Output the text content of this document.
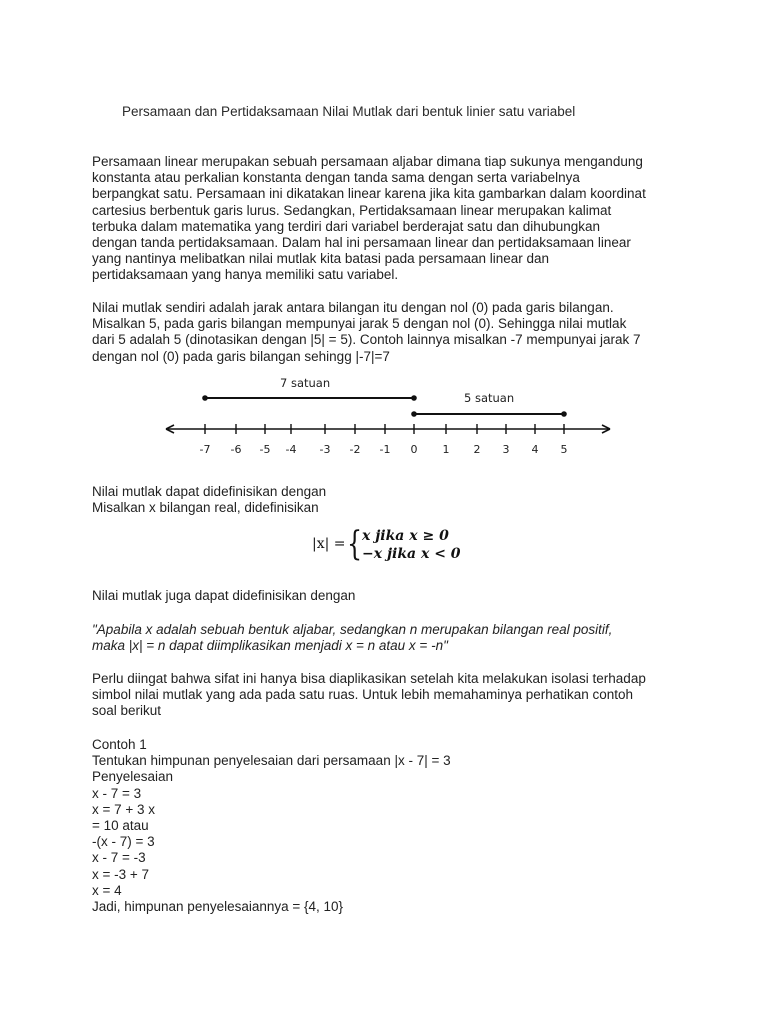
Persamaan dan Pertidaksamaan Nilai Mutlak dari bentuk linier satu variabel

Persamaan linear merupakan sebuah persamaan aljabar dimana tiap sukunya mengandung
konstanta atau perkalian konstanta dengan tanda sama dengan serta variabelnya
berpangkat satu. Persamaan ini dikatakan linear karena jika kita gambarkan dalam koordinat
cartesius berbentuk garis lurus. Sedangkan, Pertidaksamaan linear merupakan kalimat
terbuka dalam matematika yang terdiri dari variabel berderajat satu dan dihubungkan
dengan tanda pertidaksamaan. Dalam hal ini persamaan linear dan pertidaksamaan linear
yang nantinya melibatkan nilai mutlak kita batasi pada persamaan linear dan
pertidaksamaan yang hanya memiliki satu variabel.

Nilai mutlak sendiri adalah jarak antara bilangan itu dengan nol (0) pada garis bilangan.
Misalkan 5, pada garis bilangan mempunyai jarak 5 dengan nol (0). Sehingga nilai mutlak
dari 5 adalah 5 (dinotasikan dengan |5| = 5). Contoh lainnya misalkan -7 mempunyai jarak 7
dengan nol (0) pada garis bilangan sehingg |-7|=7

7 satuan
5 satuan
-7 -6 -5 -4 -3 -2 -1 0 1 2 3 4 5

Nilai mutlak dapat didefinisikan dengan
Misalkan x bilangan real, didefinisikan

|x| = { x jika x ≥ 0
−x jika x < 0

Nilai mutlak juga dapat didefinisikan dengan

"Apabila x adalah sebuah bentuk aljabar, sedangkan n merupakan bilangan real positif,
maka |x| = n dapat diimplikasikan menjadi x = n atau x = -n"

Perlu diingat bahwa sifat ini hanya bisa diaplikasikan setelah kita melakukan isolasi terhadap
simbol nilai mutlak yang ada pada satu ruas. Untuk lebih memahaminya perhatikan contoh
soal berikut

Contoh 1
Tentukan himpunan penyelesaian dari persamaan |x - 7| = 3
Penyelesaian
x - 7 = 3
x = 7 + 3 x
= 10 atau
-(x - 7) = 3
x - 7 = -3
x = -3 + 7
x = 4
Jadi, himpunan penyelesaiannya = {4, 10}
